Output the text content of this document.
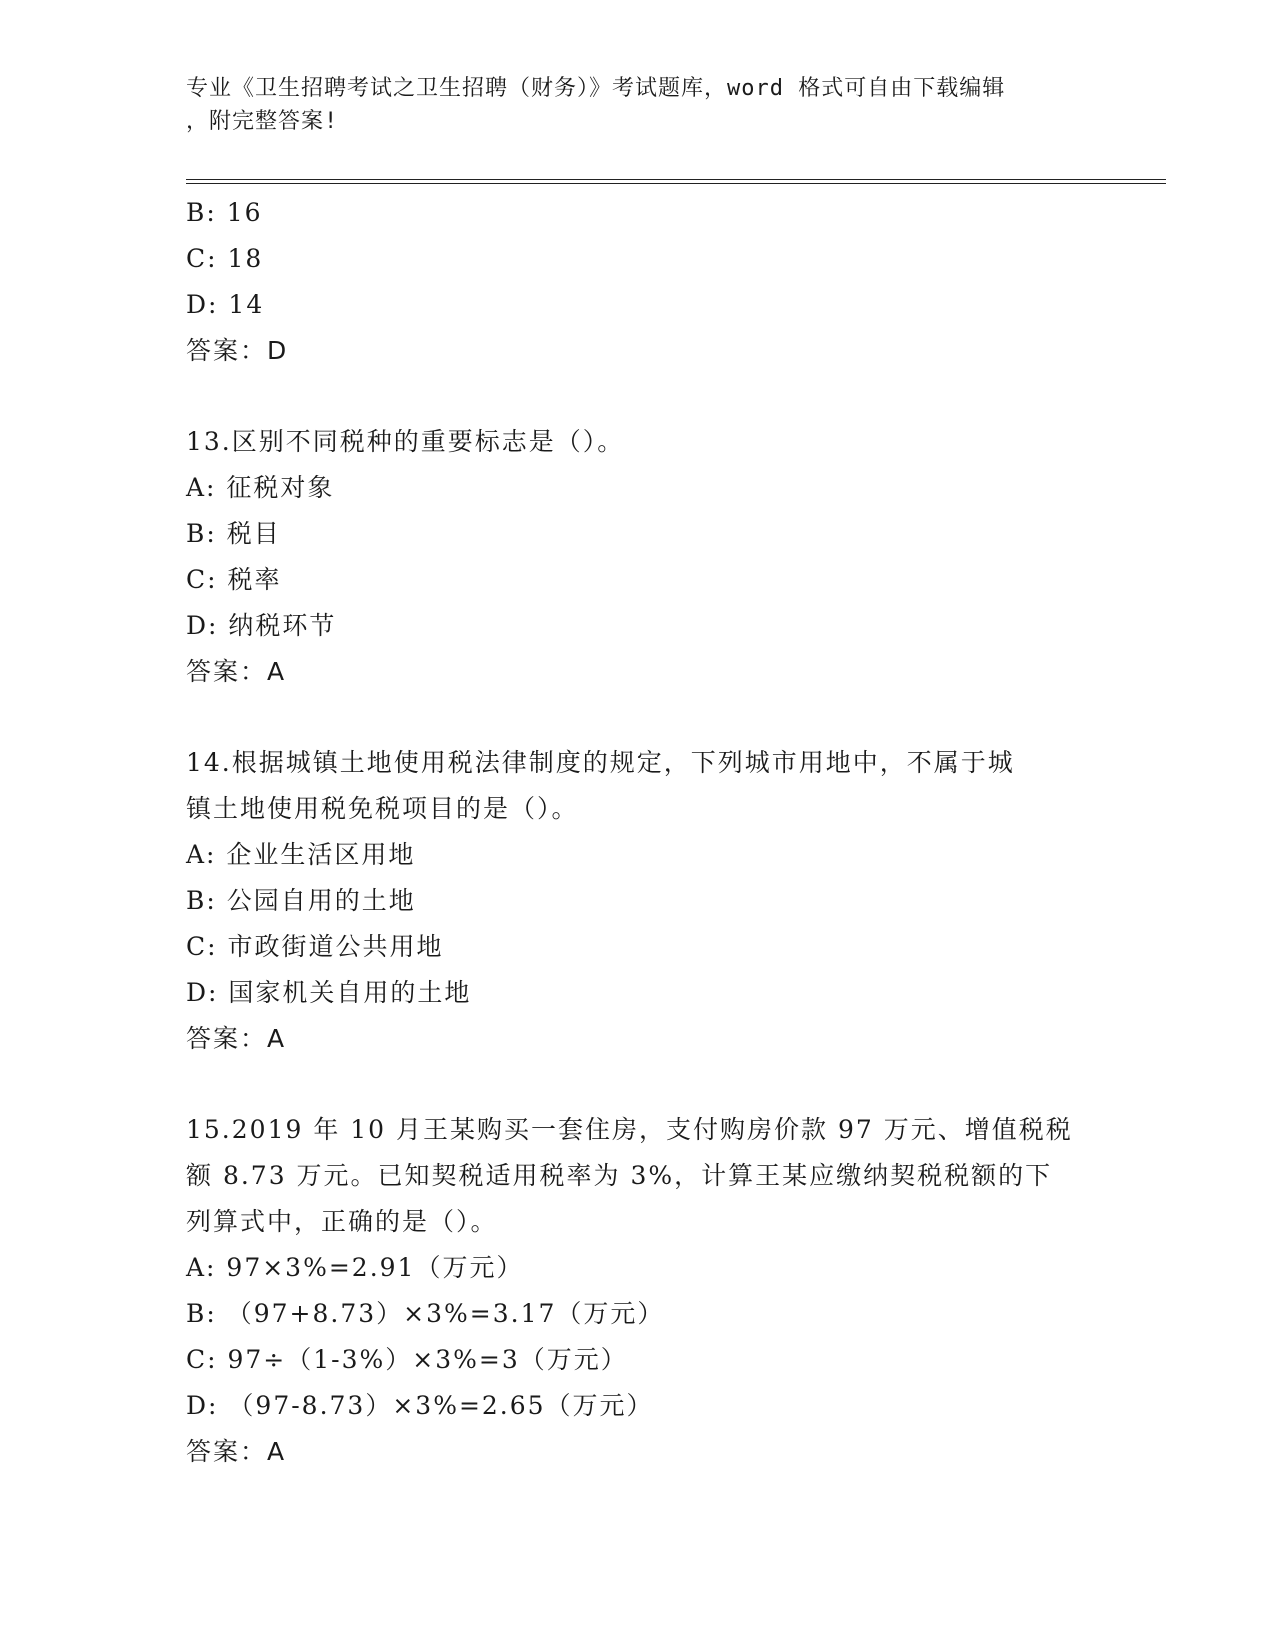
专业《卫生招聘考试之卫生招聘（财务）》考试题库，word 格式可自由下载编辑
，附完整答案!
B: 16
C: 18
D: 14
答案：D
13.区别不同税种的重要标志是（）。
A: 征税对象
B: 税目
C: 税率
D: 纳税环节
答案：A
14.根据城镇土地使用税法律制度的规定，下列城市用地中，不属于城
镇土地使用税免税项目的是（）。
A: 企业生活区用地
B: 公园自用的土地
C: 市政街道公共用地
D: 国家机关自用的土地
答案：A
15.2019 年 10 月王某购买一套住房，支付购房价款 97 万元、增值税税
额 8.73 万元。已知契税适用税率为 3%，计算王某应缴纳契税税额的下
列算式中，正确的是（）。
A: 97×3%=2.91（万元）
B: （97+8.73）×3%=3.17（万元）
C: 97÷（1-3%）×3%=3（万元）
D: （97-8.73）×3%=2.65（万元）
答案：A
